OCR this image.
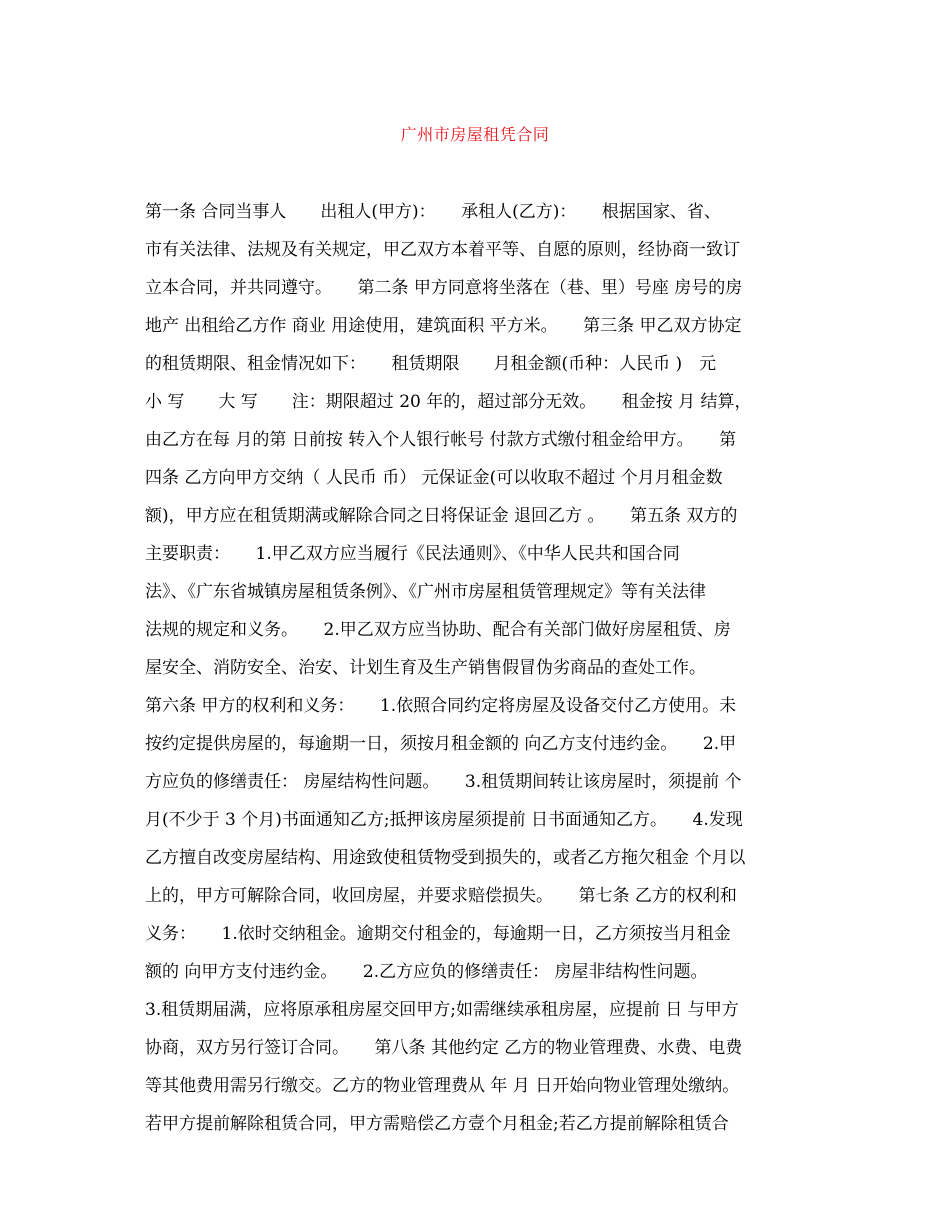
广州市房屋租凭合同
第一条 合同当事人　　出租人(甲方)：　　承租人(乙方)：　　根据国家、省、
市有关法律、法规及有关规定，甲乙双方本着平等、自愿的原则，经协商一致订
立本合同，并共同遵守。　　第二条 甲方同意将坐落在（巷、里）号座 房号的房
地产 出租给乙方作 商业 用途使用，建筑面积 平方米。　　第三条 甲乙双方协定
的租赁期限、租金情况如下：　　租赁期限　　月租金额(币种：人民币 )　元
小 写　　大 写　　注：期限超过 20 年的，超过部分无效。　　租金按 月 结算，
由乙方在每 月的第 日前按 转入个人银行帐号 付款方式缴付租金给甲方。　　第
四条 乙方向甲方交纳（ 人民币 币） 元保证金(可以收取不超过 个月月租金数
额)，甲方应在租赁期满或解除合同之日将保证金 退回乙方 。　　第五条 双方的
主要职责：　　1.甲乙双方应当履行《民法通则》、《中华人民共和国合同
法》、《广东省城镇房屋租赁条例》、《广州市房屋租赁管理规定》等有关法律
法规的规定和义务。　　2.甲乙双方应当协助、配合有关部门做好房屋租赁、房
屋安全、消防安全、治安、计划生育及生产销售假冒伪劣商品的查处工作。
第六条 甲方的权利和义务：　　1.依照合同约定将房屋及设备交付乙方使用。未
按约定提供房屋的，每逾期一日，须按月租金额的 向乙方支付违约金。　　2.甲
方应负的修缮责任： 房屋结构性问题。　　3.租赁期间转让该房屋时，须提前 个
月(不少于 3 个月)书面通知乙方;抵押该房屋须提前 日书面通知乙方。　　4.发现
乙方擅自改变房屋结构、用途致使租赁物受到损失的，或者乙方拖欠租金 个月以
上的，甲方可解除合同，收回房屋，并要求赔偿损失。　　第七条 乙方的权利和
义务：　　1.依时交纳租金。逾期交付租金的，每逾期一日，乙方须按当月租金
额的 向甲方支付违约金。　　2.乙方应负的修缮责任： 房屋非结构性问题。
3.租赁期届满，应将原承租房屋交回甲方;如需继续承租房屋，应提前 日 与甲方
协商，双方另行签订合同。　　第八条 其他约定 乙方的物业管理费、水费、电费
等其他费用需另行缴交。乙方的物业管理费从 年 月 日开始向物业管理处缴纳。
若甲方提前解除租赁合同，甲方需赔偿乙方壹个月租金;若乙方提前解除租赁合
